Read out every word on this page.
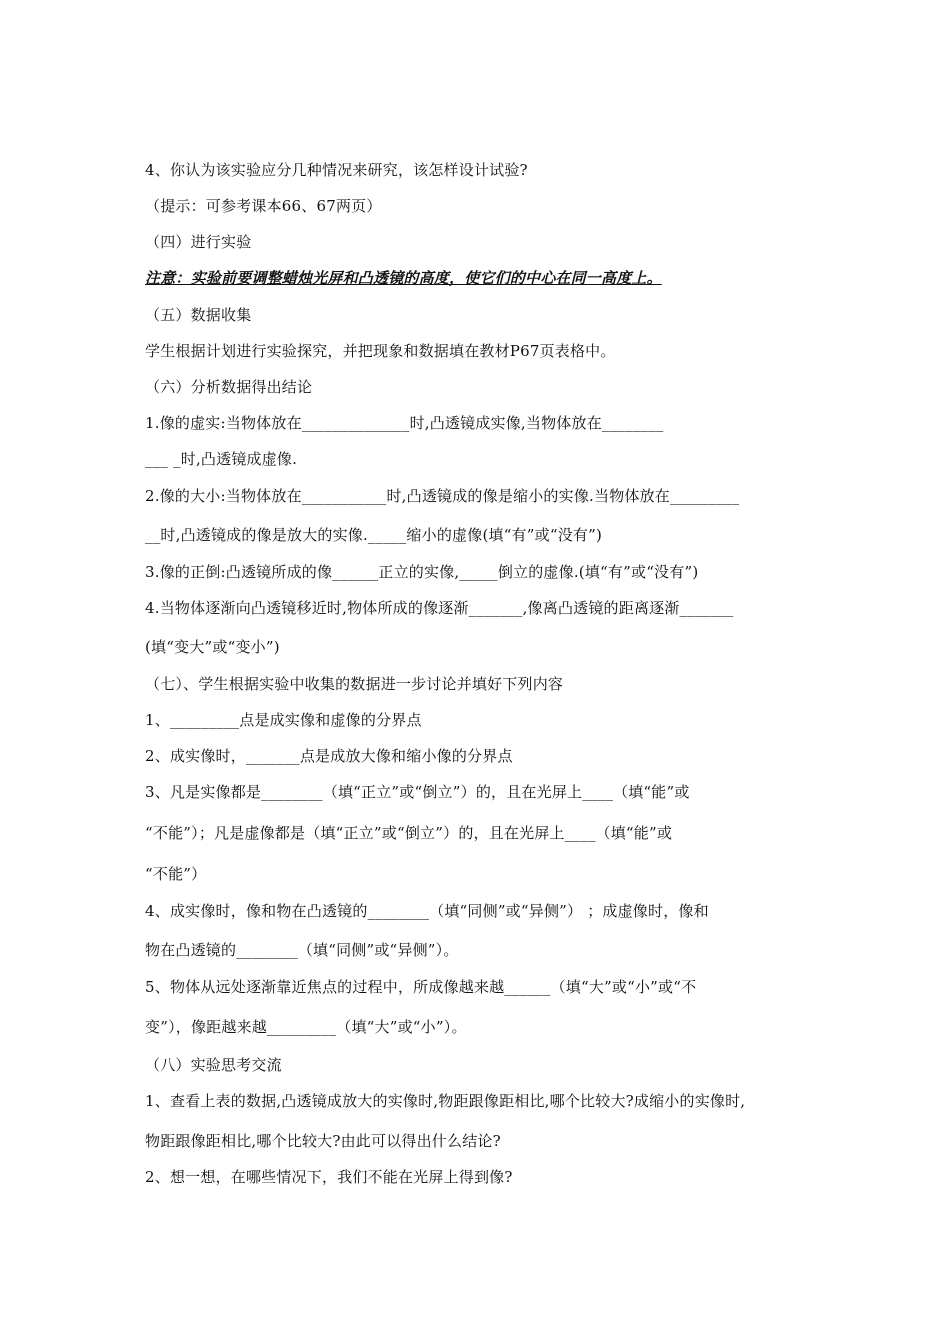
4、你认为该实验应分几种情况来研究，该怎样设计试验?
（提示：可参考课本66、67两页）
（四）进行实验
注意：实验前要调整蜡烛光屏和凸透镜的高度，使它们的中心在同一高度上。
（五）数据收集
学生根据计划进行实验探究，并把现象和数据填在教材P67页表格中。
（六）分析数据得出结论
1.像的虚实:当物体放在______________时,凸透镜成实像,当物体放在________
___ _时,凸透镜成虚像.
2.像的大小:当物体放在___________时,凸透镜成的像是缩小的实像.当物体放在_________
__时,凸透镜成的像是放大的实像._____缩小的虚像(填“有”或“没有”)
3.像的正倒:凸透镜所成的像______正立的实像,_____倒立的虚像.(填“有”或“没有”)
4.当物体逐渐向凸透镜移近时,物体所成的像逐渐_______,像离凸透镜的距离逐渐_______
(填“变大”或“变小”)
（七）、学生根据实验中收集的数据进一步讨论并填好下列内容
1、_________点是成实像和虚像的分界点
2、成实像时，_______点是成放大像和缩小像的分界点
3、凡是实像都是________（填“正立”或“倒立”）的，且在光屏上____（填“能”或
“不能”）；凡是虚像都是（填“正立”或“倒立”）的，且在光屏上____（填“能”或
“不能”）
4、成实像时，像和物在凸透镜的________（填“同侧”或“异侧”） ；成虚像时，像和
物在凸透镜的________（填“同侧”或“异侧”）。
5、物体从远处逐渐靠近焦点的过程中，所成像越来越______（填“大”或“小”或“不
变”），像距越来越_________（填“大”或“小”）。
（八）实验思考交流
1、查看上表的数据,凸透镜成放大的实像时,物距跟像距相比,哪个比较大?成缩小的实像时,
物距跟像距相比,哪个比较大?由此可以得出什么结论?
2、想一想，在哪些情况下，我们不能在光屏上得到像?
